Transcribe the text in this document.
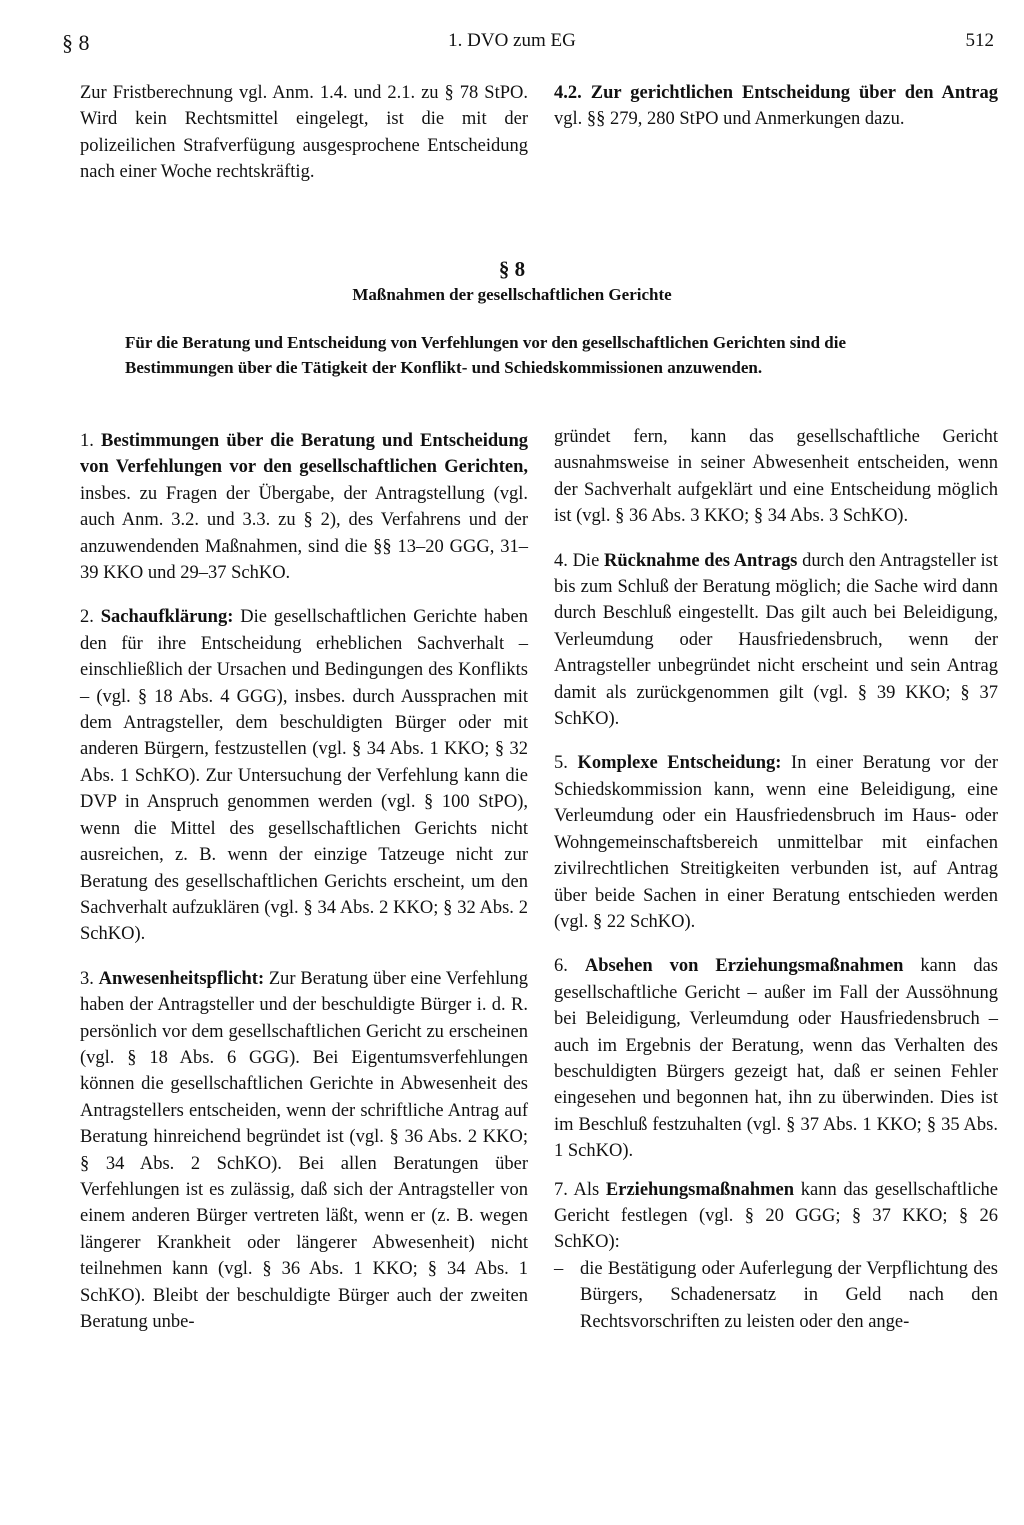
§ 8	1. DVO zum EG	512

Zur Fristberechnung vgl. Anm. 1.4. und 2.1. zu § 78 StPO. Wird kein Rechtsmittel eingelegt, ist die mit der polizeilichen Strafverfügung ausgesprochene Entscheidung nach einer Woche rechtskräftig.

4.2. Zur gerichtlichen Entscheidung über den Antrag vgl. §§ 279, 280 StPO und Anmerkungen dazu.

§ 8
Maßnahmen der gesellschaftlichen Gerichte
Für die Beratung und Entscheidung von Verfehlungen vor den gesellschaftlichen Gerichten sind die Bestimmungen über die Tätigkeit der Konflikt- und Schiedskommissionen anzuwenden.

1. Bestimmungen über die Beratung und Entscheidung von Verfehlungen vor den gesellschaftlichen Gerichten, insbes. zu Fragen der Übergabe, der Antragstellung (vgl. auch Anm. 3.2. und 3.3. zu § 2), des Verfahrens und der anzuwendenden Maßnahmen, sind die §§ 13–20 GGG, 31–39 KKO und 29–37 SchKO.

2. Sachaufklärung: Die gesellschaftlichen Gerichte haben den für ihre Entscheidung erheblichen Sachverhalt – einschließlich der Ursachen und Bedingungen des Konflikts – (vgl. § 18 Abs. 4 GGG), insbes. durch Aussprachen mit dem Antragsteller, dem beschuldigten Bürger oder mit anderen Bürgern, festzustellen (vgl. § 34 Abs. 1 KKO; § 32 Abs. 1 SchKO). Zur Untersuchung der Verfehlung kann die DVP in Anspruch genommen werden (vgl. § 100 StPO), wenn die Mittel des gesellschaftlichen Gerichts nicht ausreichen, z. B. wenn der einzige Tatzeuge nicht zur Beratung des gesellschaftlichen Gerichts erscheint, um den Sachverhalt aufzuklären (vgl. § 34 Abs. 2 KKO; § 32 Abs. 2 SchKO).

3. Anwesenheitspflicht: Zur Beratung über eine Verfehlung haben der Antragsteller und der beschuldigte Bürger i. d. R. persönlich vor dem gesellschaftlichen Gericht zu erscheinen (vgl. § 18 Abs. 6 GGG). Bei Eigentumsverfehlungen können die gesellschaftlichen Gerichte in Abwesenheit des Antragstellers entscheiden, wenn der schriftliche Antrag auf Beratung hinreichend begründet ist (vgl. § 36 Abs. 2 KKO; § 34 Abs. 2 SchKO). Bei allen Beratungen über Verfehlungen ist es zulässig, daß sich der Antragsteller von einem anderen Bürger vertreten läßt, wenn er (z. B. wegen längerer Krankheit oder längerer Abwesenheit) nicht teilnehmen kann (vgl. § 36 Abs. 1 KKO; § 34 Abs. 1 SchKO). Bleibt der beschuldigte Bürger auch der zweiten Beratung unbe-

gründet fern, kann das gesellschaftliche Gericht ausnahmsweise in seiner Abwesenheit entscheiden, wenn der Sachverhalt aufgeklärt und eine Entscheidung möglich ist (vgl. § 36 Abs. 3 KKO; § 34 Abs. 3 SchKO).

4. Die Rücknahme des Antrags durch den Antragsteller ist bis zum Schluß der Beratung möglich; die Sache wird dann durch Beschluß eingestellt. Das gilt auch bei Beleidigung, Verleumdung oder Hausfriedensbruch, wenn der Antragsteller unbegründet nicht erscheint und sein Antrag damit als zurückgenommen gilt (vgl. § 39 KKO; § 37 SchKO).

5. Komplexe Entscheidung: In einer Beratung vor der Schiedskommission kann, wenn eine Beleidigung, eine Verleumdung oder ein Hausfriedensbruch im Haus- oder Wohngemeinschaftsbereich unmittelbar mit einfachen zivilrechtlichen Streitigkeiten verbunden ist, auf Antrag über beide Sachen in einer Beratung entschieden werden (vgl. § 22 SchKO).

6. Absehen von Erziehungsmaßnahmen kann das gesellschaftliche Gericht – außer im Fall der Aussöhnung bei Beleidigung, Verleumdung oder Hausfriedensbruch – auch im Ergebnis der Beratung, wenn das Verhalten des beschuldigten Bürgers gezeigt hat, daß er seinen Fehler eingesehen und begonnen hat, ihn zu überwinden. Dies ist im Beschluß festzuhalten (vgl. § 37 Abs. 1 KKO; § 35 Abs. 1 SchKO).

7. Als Erziehungsmaßnahmen kann das gesellschaftliche Gericht festlegen (vgl. § 20 GGG; § 37 KKO; § 26 SchKO):

– die Bestätigung oder Auferlegung der Verpflichtung des Bürgers, Schadenersatz in Geld nach den Rechtsvorschriften zu leisten oder den ange-
